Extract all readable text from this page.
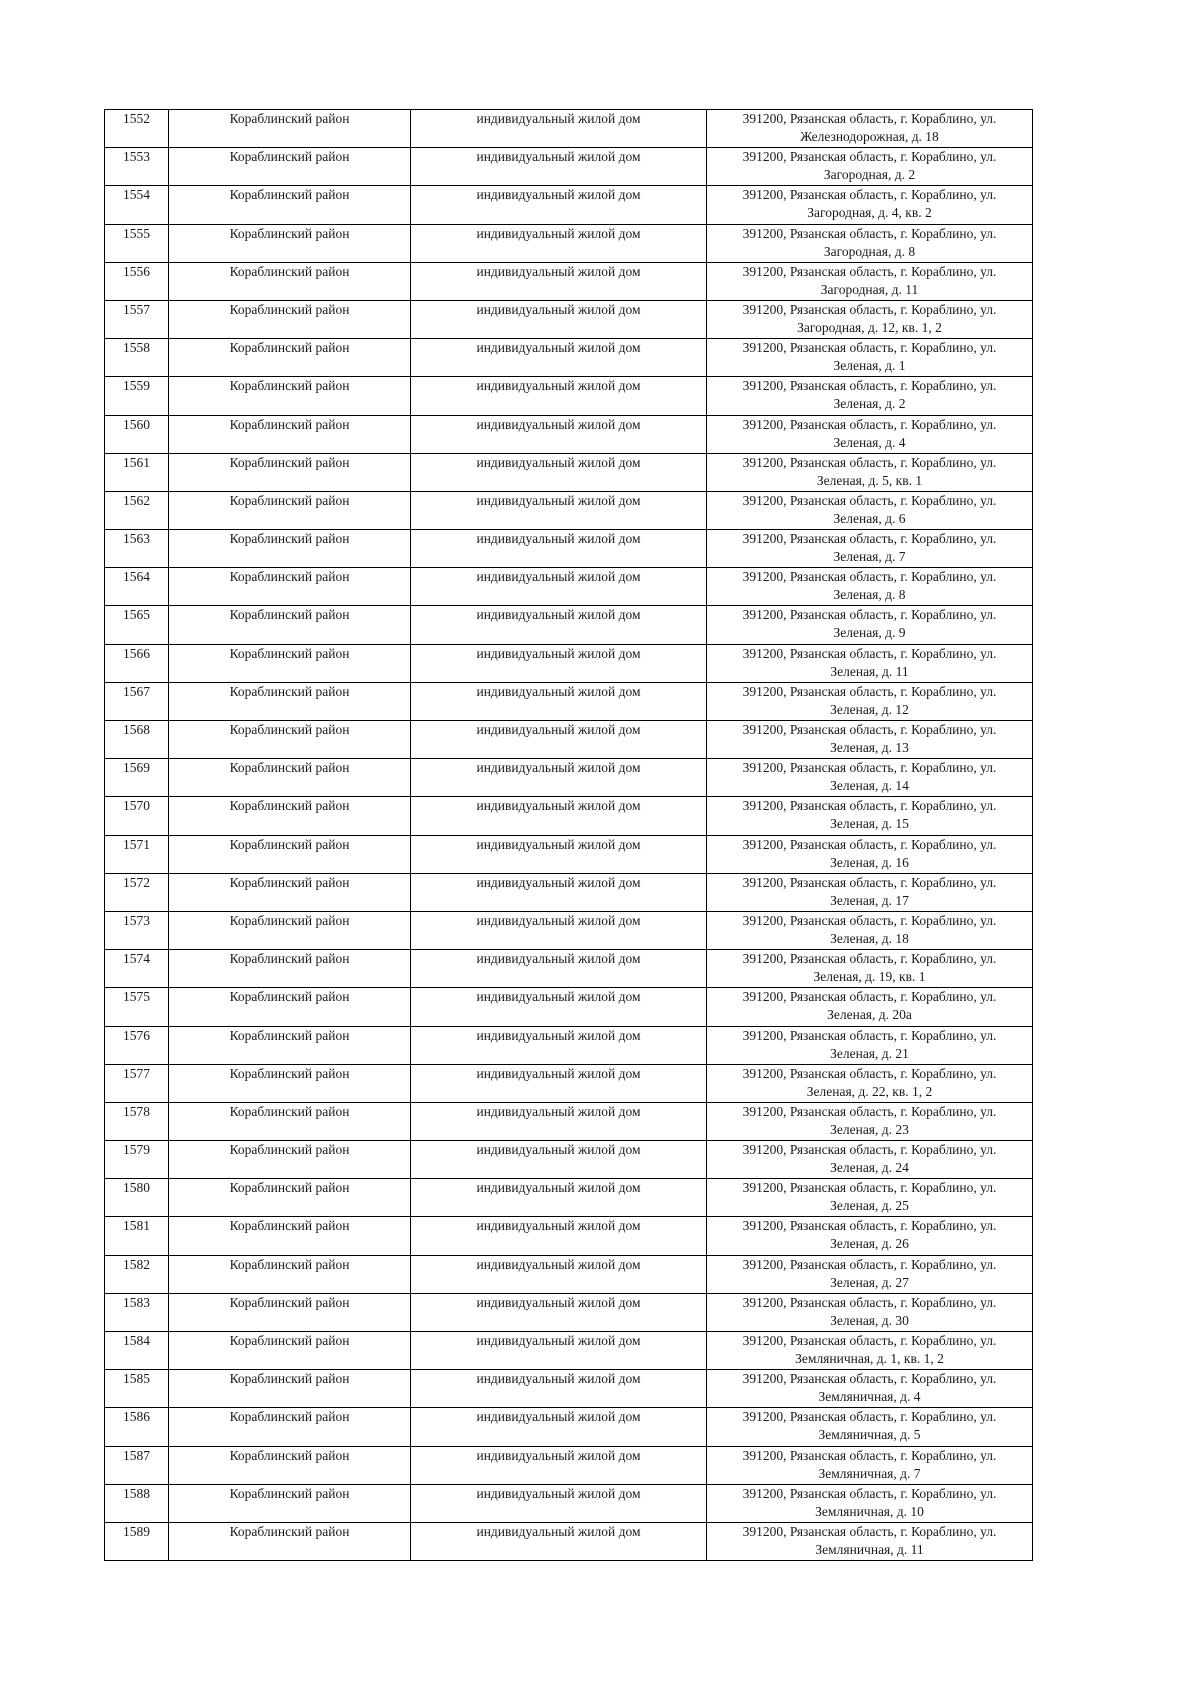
1552	Кораблинский район	индивидуальный жилой дом	391200, Рязанская область, г. Кораблино, ул.
Железнодорожная, д. 18

1553	Кораблинский район	индивидуальный жилой дом	391200, Рязанская область, г. Кораблино, ул.
Загородная, д. 2

1554	Кораблинский район	индивидуальный жилой дом	391200, Рязанская область, г. Кораблино, ул.
Загородная, д. 4, кв. 2

1555	Кораблинский район	индивидуальный жилой дом	391200, Рязанская область, г. Кораблино, ул.
Загородная, д. 8

1556	Кораблинский район	индивидуальный жилой дом	391200, Рязанская область, г. Кораблино, ул.
Загородная, д. 11

1557	Кораблинский район	индивидуальный жилой дом	391200, Рязанская область, г. Кораблино, ул.
Загородная, д. 12, кв. 1, 2

1558	Кораблинский район	индивидуальный жилой дом	391200, Рязанская область, г. Кораблино, ул.
Зеленая, д. 1

1559	Кораблинский район	индивидуальный жилой дом	391200, Рязанская область, г. Кораблино, ул.
Зеленая, д. 2

1560	Кораблинский район	индивидуальный жилой дом	391200, Рязанская область, г. Кораблино, ул.
Зеленая, д. 4

1561	Кораблинский район	индивидуальный жилой дом	391200, Рязанская область, г. Кораблино, ул.
Зеленая, д. 5, кв. 1

1562	Кораблинский район	индивидуальный жилой дом	391200, Рязанская область, г. Кораблино, ул.
Зеленая, д. 6

1563	Кораблинский район	индивидуальный жилой дом	391200, Рязанская область, г. Кораблино, ул.
Зеленая, д. 7

1564	Кораблинский район	индивидуальный жилой дом	391200, Рязанская область, г. Кораблино, ул.
Зеленая, д. 8

1565	Кораблинский район	индивидуальный жилой дом	391200, Рязанская область, г. Кораблино, ул.
Зеленая, д. 9

1566	Кораблинский район	индивидуальный жилой дом	391200, Рязанская область, г. Кораблино, ул.
Зеленая, д. 11

1567	Кораблинский район	индивидуальный жилой дом	391200, Рязанская область, г. Кораблино, ул.
Зеленая, д. 12

1568	Кораблинский район	индивидуальный жилой дом	391200, Рязанская область, г. Кораблино, ул.
Зеленая, д. 13

1569	Кораблинский район	индивидуальный жилой дом	391200, Рязанская область, г. Кораблино, ул.
Зеленая, д. 14

1570	Кораблинский район	индивидуальный жилой дом	391200, Рязанская область, г. Кораблино, ул.
Зеленая, д. 15

1571	Кораблинский район	индивидуальный жилой дом	391200, Рязанская область, г. Кораблино, ул.
Зеленая, д. 16

1572	Кораблинский район	индивидуальный жилой дом	391200, Рязанская область, г. Кораблино, ул.
Зеленая, д. 17

1573	Кораблинский район	индивидуальный жилой дом	391200, Рязанская область, г. Кораблино, ул.
Зеленая, д. 18

1574	Кораблинский район	индивидуальный жилой дом	391200, Рязанская область, г. Кораблино, ул.
Зеленая, д. 19, кв. 1

1575	Кораблинский район	индивидуальный жилой дом	391200, Рязанская область, г. Кораблино, ул.
Зеленая, д. 20а

1576	Кораблинский район	индивидуальный жилой дом	391200, Рязанская область, г. Кораблино, ул.
Зеленая, д. 21

1577	Кораблинский район	индивидуальный жилой дом	391200, Рязанская область, г. Кораблино, ул.
Зеленая, д. 22, кв. 1, 2

1578	Кораблинский район	индивидуальный жилой дом	391200, Рязанская область, г. Кораблино, ул.
Зеленая, д. 23

1579	Кораблинский район	индивидуальный жилой дом	391200, Рязанская область, г. Кораблино, ул.
Зеленая, д. 24

1580	Кораблинский район	индивидуальный жилой дом	391200, Рязанская область, г. Кораблино, ул.
Зеленая, д. 25

1581	Кораблинский район	индивидуальный жилой дом	391200, Рязанская область, г. Кораблино, ул.
Зеленая, д. 26

1582	Кораблинский район	индивидуальный жилой дом	391200, Рязанская область, г. Кораблино, ул.
Зеленая, д. 27

1583	Кораблинский район	индивидуальный жилой дом	391200, Рязанская область, г. Кораблино, ул.
Зеленая, д. 30

1584	Кораблинский район	индивидуальный жилой дом	391200, Рязанская область, г. Кораблино, ул.
Земляничная, д. 1, кв. 1, 2

1585	Кораблинский район	индивидуальный жилой дом	391200, Рязанская область, г. Кораблино, ул.
Земляничная, д. 4

1586	Кораблинский район	индивидуальный жилой дом	391200, Рязанская область, г. Кораблино, ул.
Земляничная, д. 5

1587	Кораблинский район	индивидуальный жилой дом	391200, Рязанская область, г. Кораблино, ул.
Земляничная, д. 7

1588	Кораблинский район	индивидуальный жилой дом	391200, Рязанская область, г. Кораблино, ул.
Земляничная, д. 10

1589	Кораблинский район	индивидуальный жилой дом	391200, Рязанская область, г. Кораблино, ул.
Земляничная, д. 11
